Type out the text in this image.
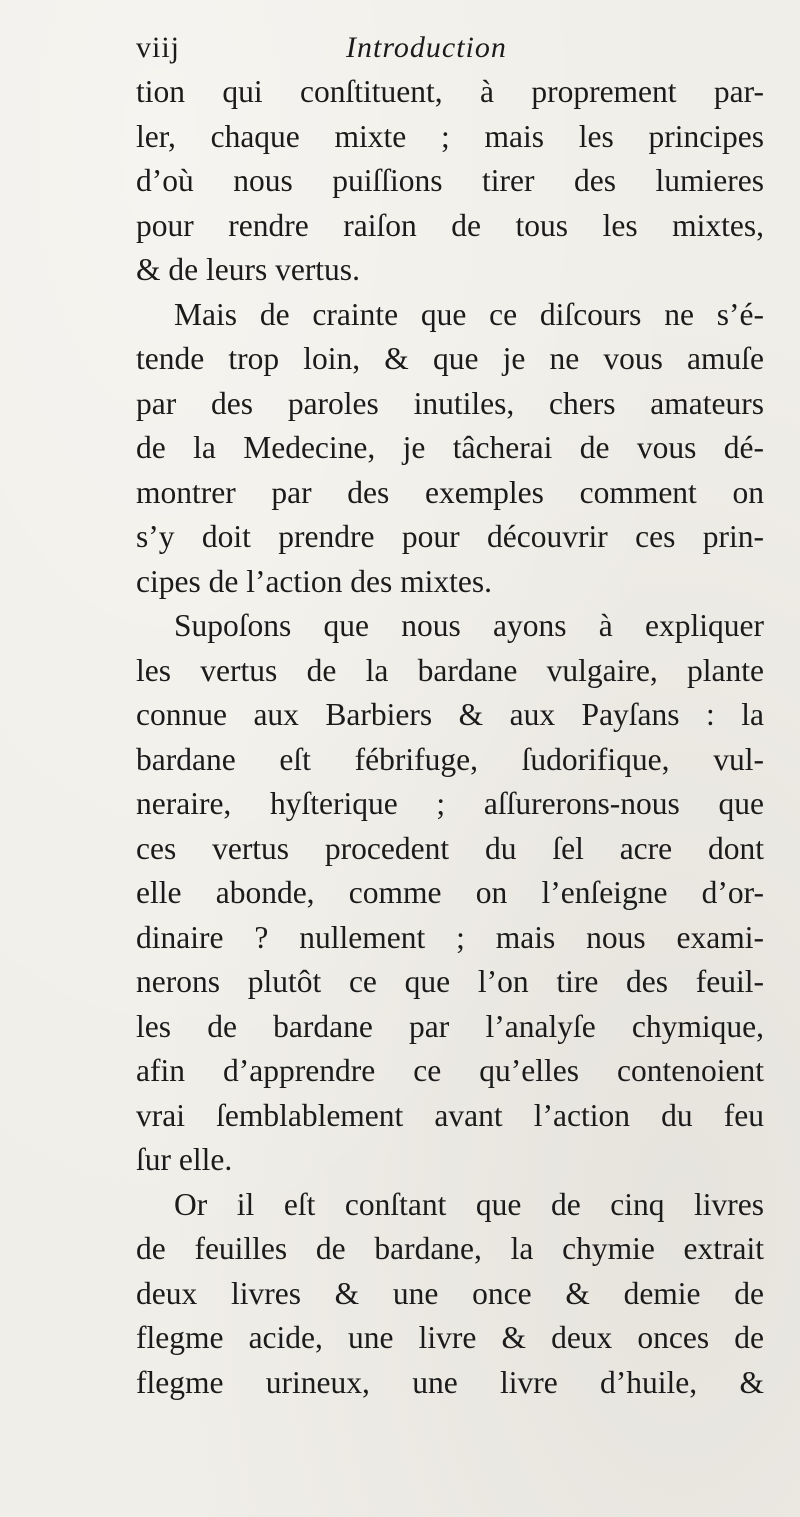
viij	Introduction
tion qui conſtituent, à proprement par-
ler, chaque mixte ; mais les principes
d’où nous puiſſions tirer des lumieres
pour rendre raiſon de tous les mixtes,
& de leurs vertus.
Mais de crainte que ce diſcours ne s’é-
tende trop loin, & que je ne vous amuſe
par des paroles inutiles, chers amateurs
de la Medecine, je tâcherai de vous dé-
montrer par des exemples comment on
s’y doit prendre pour découvrir ces prin-
cipes de l’action des mixtes.
Supoſons que nous ayons à expliquer
les vertus de la bardane vulgaire, plante
connue aux Barbiers & aux Payſans : la
bardane eſt fébrifuge, ſudorifique, vul-
neraire, hyſterique ; aſſurerons-nous que
ces vertus procedent du ſel acre dont
elle abonde, comme on l’enſeigne d’or-
dinaire ? nullement ; mais nous exami-
nerons plutôt ce que l’on tire des feuil-
les de bardane par l’analyſe chymique,
afin d’apprendre ce qu’elles contenoient
vrai ſemblablement avant l’action du feu
ſur elle.
Or il eſt conſtant que de cinq livres
de feuilles de bardane, la chymie extrait
deux livres & une once & demie de
flegme acide, une livre & deux onces de
flegme urineux, une livre d’huile, &
